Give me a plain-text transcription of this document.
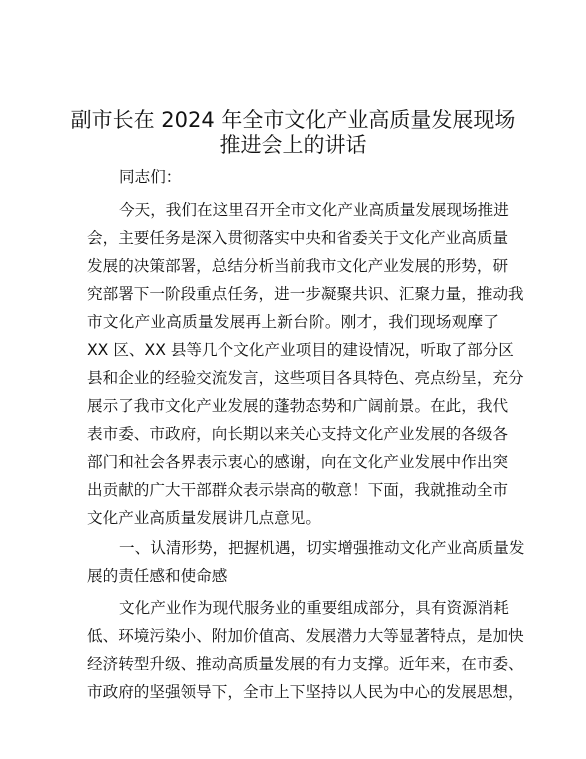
副市长在 2024 年全市文化产业高质量发展现场
推进会上的讲话
同志们：
今天，我们在这里召开全市文化产业高质量发展现场推进
会，主要任务是深入贯彻落实中央和省委关于文化产业高质量
发展的决策部署，总结分析当前我市文化产业发展的形势，研
究部署下一阶段重点任务，进一步凝聚共识、汇聚力量，推动我
市文化产业高质量发展再上新台阶。刚才，我们现场观摩了
XX 区、XX 县等几个文化产业项目的建设情况，听取了部分区
县和企业的经验交流发言，这些项目各具特色、亮点纷呈，充分
展示了我市文化产业发展的蓬勃态势和广阔前景。在此，我代
表市委、市政府，向长期以来关心支持文化产业发展的各级各
部门和社会各界表示衷心的感谢，向在文化产业发展中作出突
出贡献的广大干部群众表示崇高的敬意！下面，我就推动全市
文化产业高质量发展讲几点意见。
一、认清形势，把握机遇，切实增强推动文化产业高质量发
展的责任感和使命感
文化产业作为现代服务业的重要组成部分，具有资源消耗
低、环境污染小、附加价值高、发展潜力大等显著特点，是加快
经济转型升级、推动高质量发展的有力支撑。近年来，在市委、
市政府的坚强领导下，全市上下坚持以人民为中心的发展思想，
